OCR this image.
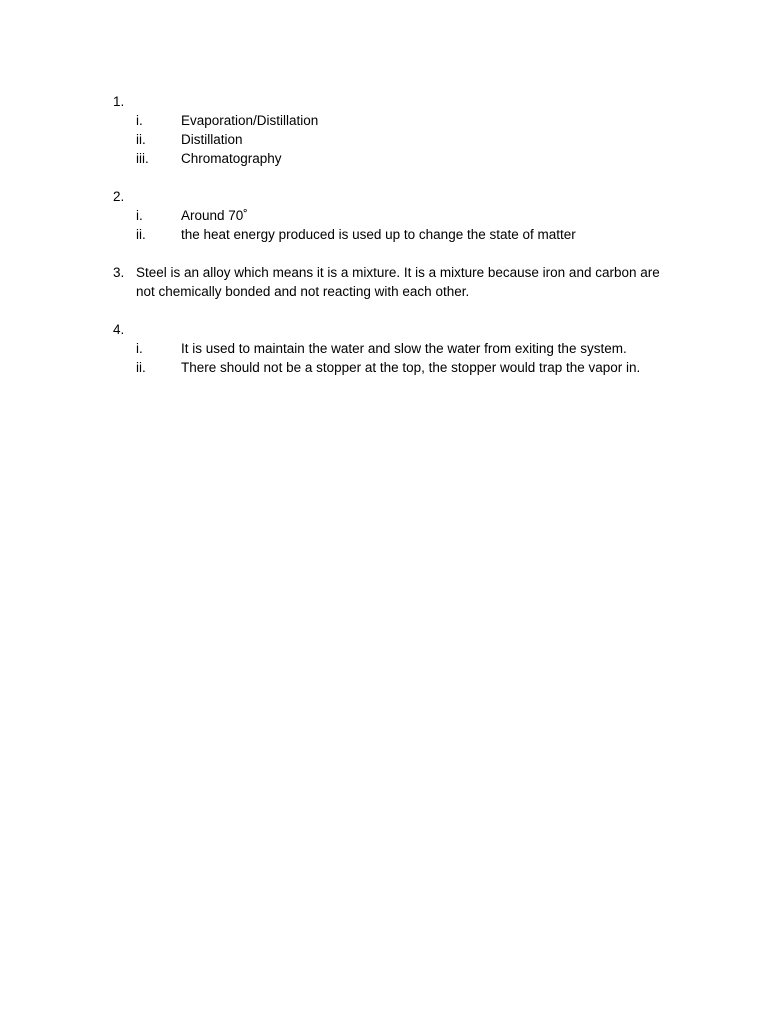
1.
i.	Evaporation/Distillation
ii.	Distillation
iii. Chromatography
2.
i.	Around 70˚
ii.	the heat energy produced is used up to change the state of matter
3. Steel is an alloy which means it is a mixture. It is a mixture because iron and carbon are not chemically bonded and not reacting with each other.
4.
i.	It is used to maintain the water and slow the water from exiting the system.
ii.	There should not be a stopper at the top, the stopper would trap the vapor in.
